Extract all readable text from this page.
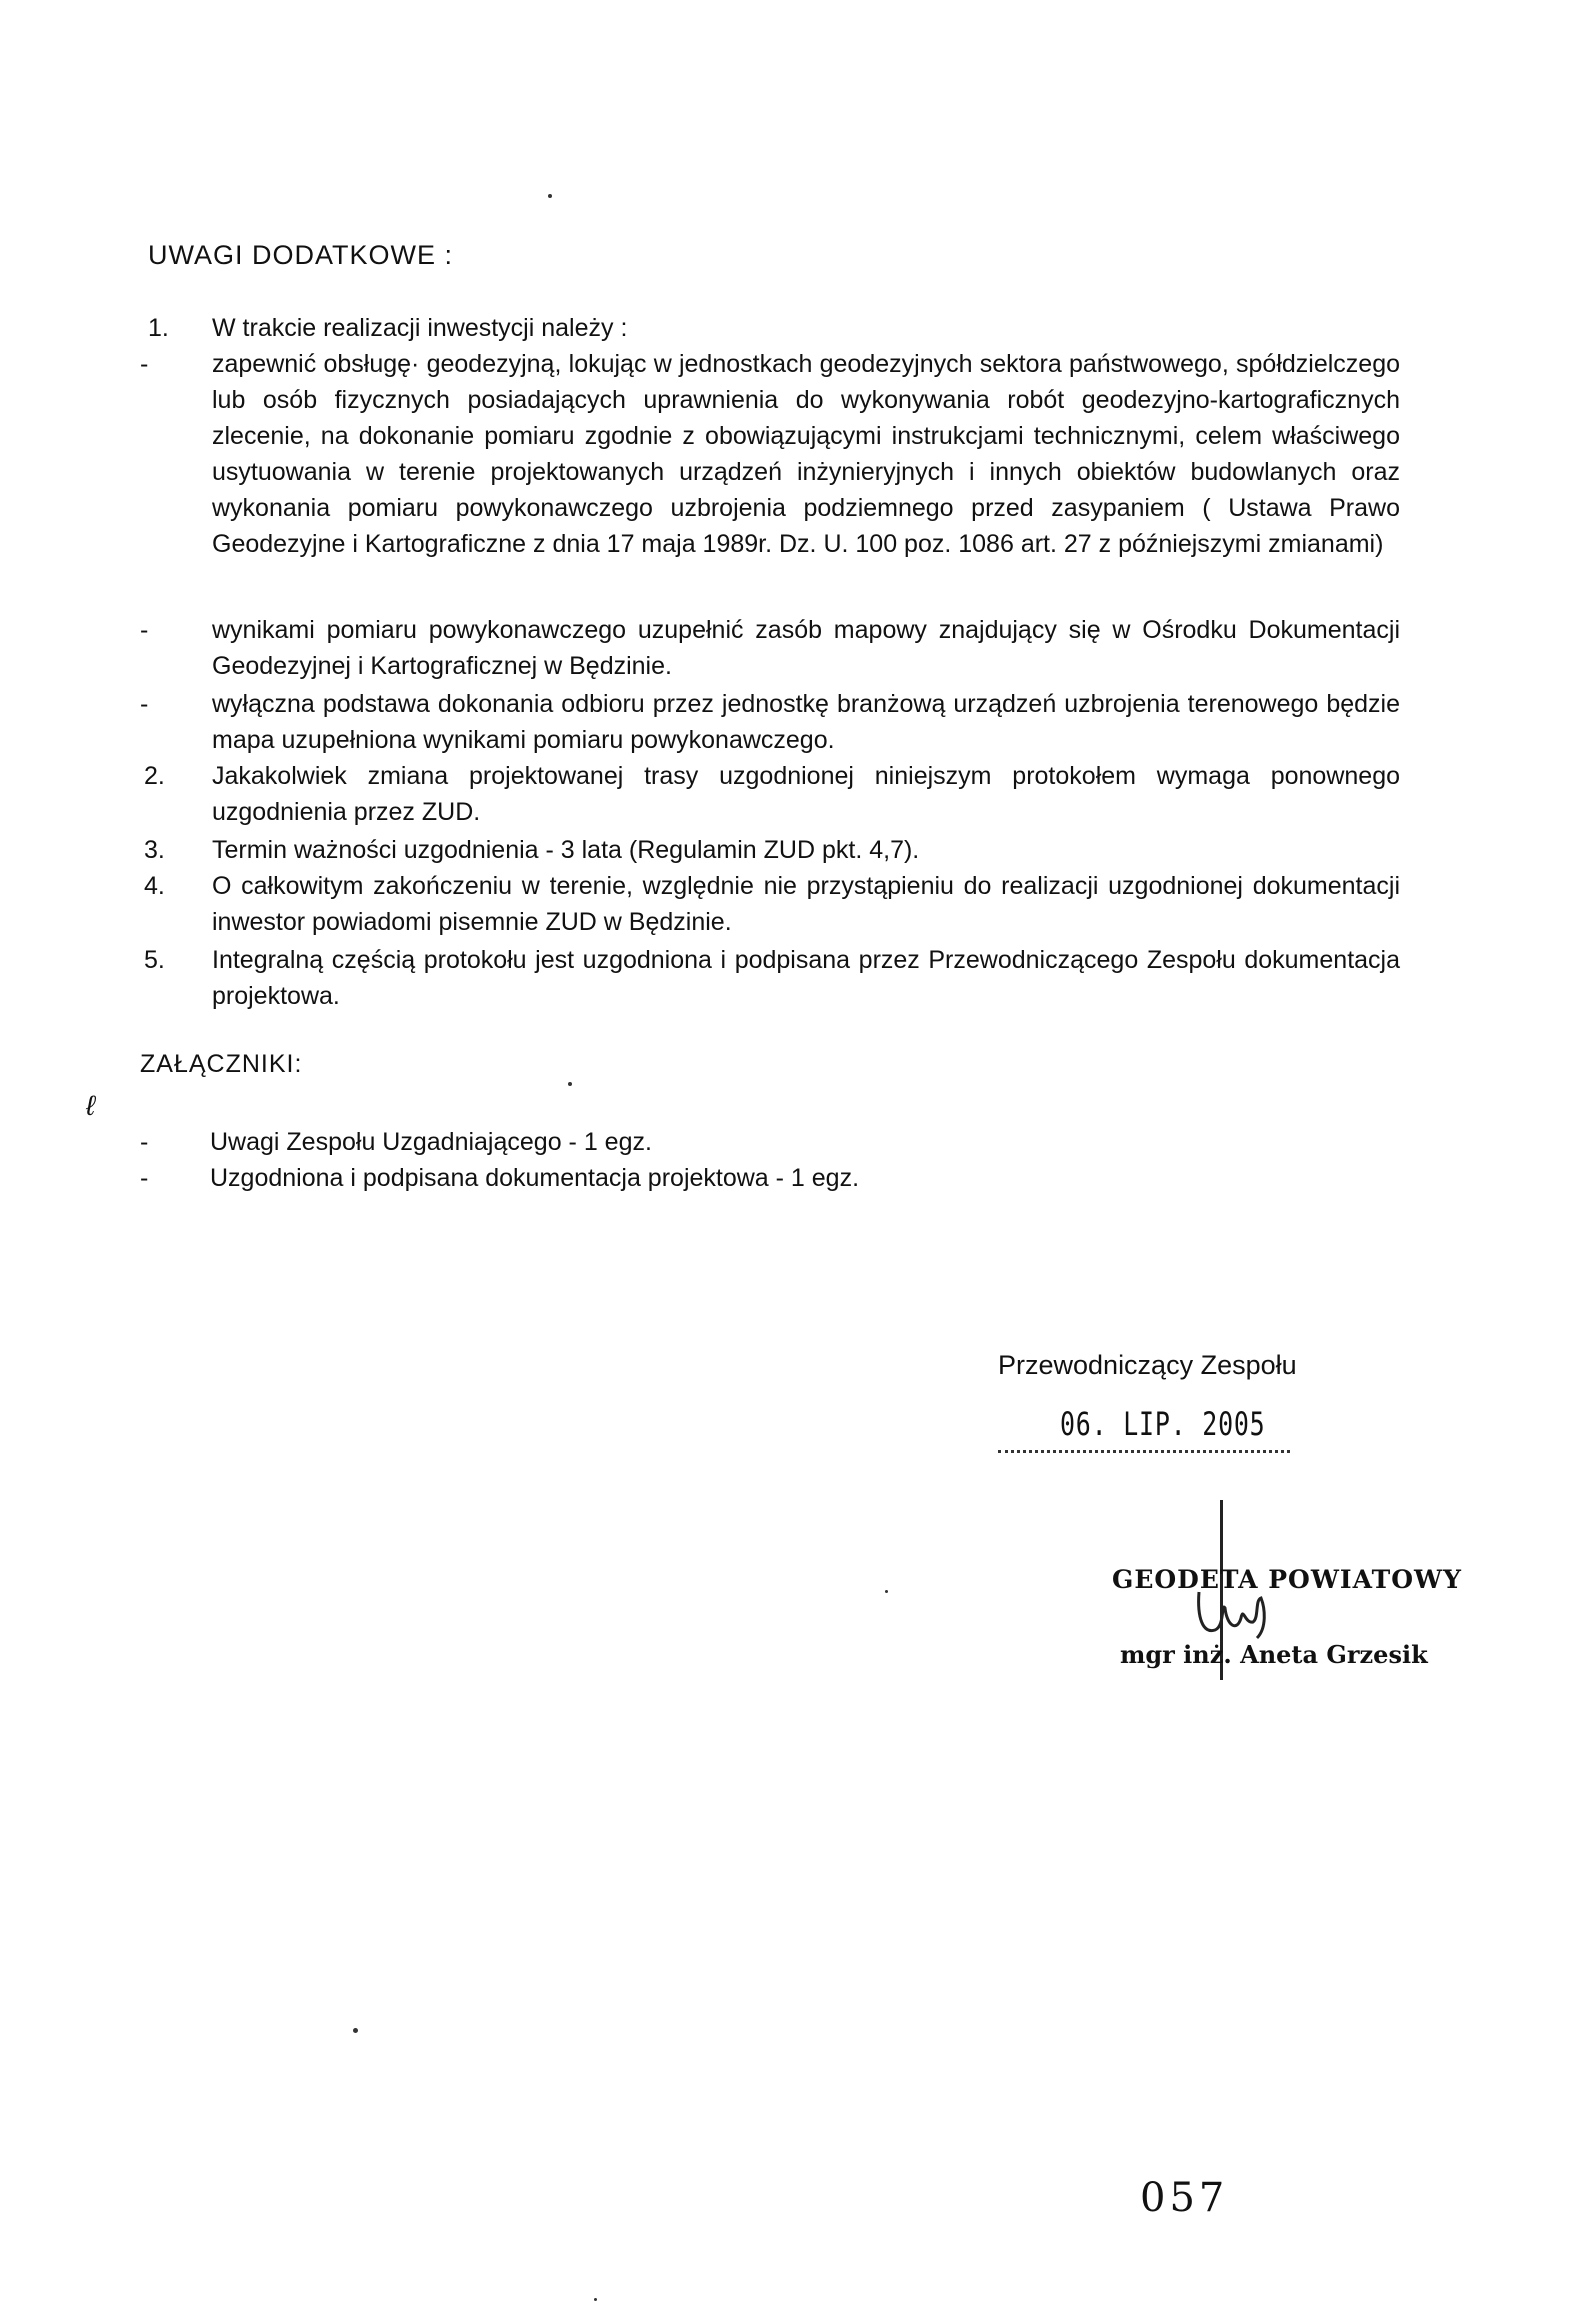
UWAGI DODATKOWE :
1. W trakcie realizacji inwestycji należy :
-	zapewnić obsługę· geodezyjną, lokując w jednostkach geodezyjnych sektora państwowego, spółdzielczego lub osób fizycznych posiadających uprawnienia do wykonywania robót geodezyjno-kartograficznych zlecenie, na dokonanie pomiaru zgodnie z obowiązującymi instrukcjami technicznymi, celem właściwego usytuowania w terenie projektowanych urządzeń inżynieryjnych i innych obiektów budowlanych oraz wykonania pomiaru powykonawczego uzbrojenia podziemnego przed zasypaniem ( Ustawa Prawo Geodezyjne i Kartograficzne z dnia 17 maja 1989r. Dz. U. 100 poz. 1086 art. 27 z późniejszymi zmianami)
-	wynikami pomiaru powykonawczego uzupełnić zasób mapowy znajdujący się w Ośrodku Dokumentacji Geodezyjnej i Kartograficznej w Będzinie.
-	wyłączna podstawa dokonania odbioru przez jednostkę branżową urządzeń uzbrojenia terenowego będzie mapa uzupełniona wynikami pomiaru powykonawczego.
2. Jakakolwiek zmiana projektowanej trasy uzgodnionej niniejszym protokołem wymaga ponownego uzgodnienia przez ZUD.
3. Termin ważności uzgodnienia - 3 lata (Regulamin ZUD pkt. 4,7).
4. O całkowitym zakończeniu w terenie, względnie nie przystąpieniu do realizacji uzgodnionej dokumentacji inwestor powiadomi pisemnie ZUD w Będzinie.
5. Integralną częścią protokołu jest uzgodniona i podpisana przez Przewodniczącego Zespołu dokumentacja projektowa.
ZAŁĄCZNIKI:
ℓ
- Uwagi Zespołu Uzgadniającego - 1 egz.
- Uzgodniona i podpisana dokumentacja projektowa - 1 egz.
Przewodniczący Zespołu
06. LIP. 2005
GEODETA POWIATOWY
mgr inż. Aneta Grzesik
057
